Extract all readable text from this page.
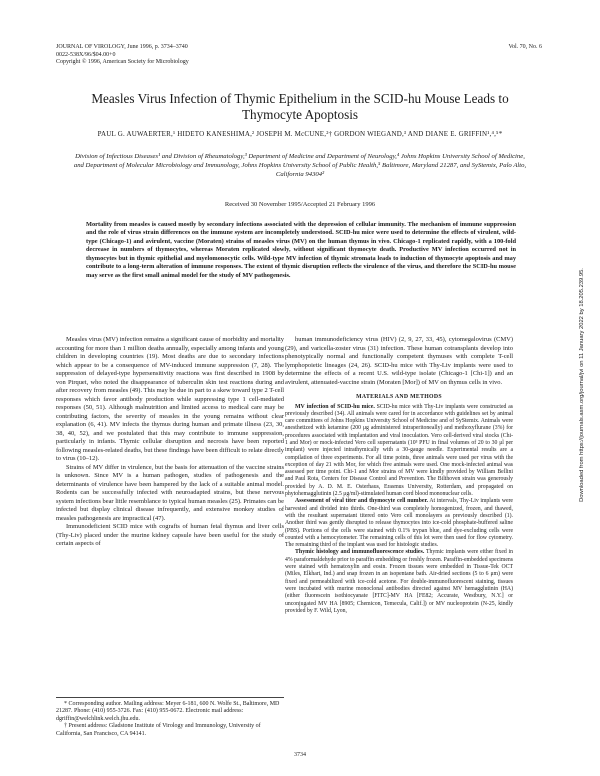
JOURNAL OF VIROLOGY, June 1996, p. 3734–3740
0022-538X/96/$04.00+0
Copyright © 1996, American Society for Microbiology
Vol. 70, No. 6
Measles Virus Infection of Thymic Epithelium in the SCID-hu Mouse Leads to Thymocyte Apoptosis
PAUL G. AUWAERTER,¹ HIDETO KANESHIMA,² JOSEPH M. McCUNE,²† GORDON WIEGAND,³ AND DIANE E. GRIFFIN¹,⁴,⁵*
Division of Infectious Diseases¹ and Division of Rheumatology,³ Department of Medicine and Department of Neurology,⁴ Johns Hopkins University School of Medicine, and Department of Molecular Microbiology and Immunology, Johns Hopkins University School of Public Health,⁵ Baltimore, Maryland 21287, and SyStemix, Palo Alto, California 94304²
Received 30 November 1995/Accepted 21 February 1996
Mortality from measles is caused mostly by secondary infections associated with the depression of cellular immunity. The mechanism of immune suppression and the role of virus strain differences on the immune system are incompletely understood. SCID-hu mice were used to determine the effects of virulent, wild-type (Chicago-1) and avirulent, vaccine (Moraten) strains of measles virus (MV) on the human thymus in vivo. Chicago-1 replicated rapidly, with a 100-fold decrease in numbers of thymocytes, whereas Moraten replicated slowly, without significant thymocyte death. Productive MV infection occurred not in thymocytes but in thymic epithelial and myelomonocytic cells. Wild-type MV infection of thymic stromata leads to induction of thymocyte apoptosis and may contribute to a long-term alteration of immune responses. The extent of thymic disruption reflects the virulence of the virus, and therefore the SCID-hu mouse may serve as the first small animal model for the study of MV pathogenesis.

Measles virus (MV) infection remains a significant cause of morbidity and mortality accounting for more than 1 million deaths annually, especially among infants and young children in developing countries (19). Most deaths are due to secondary infections which appear to be a consequence of MV-induced immune suppression (7, 28). The suppression of delayed-type hypersensitivity reactions was first described in 1908 by von Pirquet, who noted the disappearance of tuberculin skin test reactions during and after recovery from measles (49). This may be due in part to a skew toward type 2 T-cell responses which favor antibody production while suppressing type 1 cell-mediated responses (50, 51). Although malnutrition and limited access to medical care may be contributing factors, the severity of measles in the young remains without clear explanation (6, 41). MV infects the thymus during human and primate illness (23, 30, 38, 40, 52), and we postulated that this may contribute to immune suppression, particularly in infants. Thymic cellular disruption and necrosis have been reported following measles-related deaths, but these findings have been difficult to relate directly to virus (10–12).

Strains of MV differ in virulence, but the basis for attenuation of the vaccine strains is unknown. Since MV is a human pathogen, studies of pathogenesis and the determinants of virulence have been hampered by the lack of a suitable animal model. Rodents can be successfully infected with neuroadapted strains, but these nervous system infections bear little resemblance to typical human measles (25). Primates can be infected but display clinical disease infrequently, and extensive monkey studies of measles pathogenesis are impractical (47).

Immunodeficient SCID mice with cografts of human fetal thymus and liver cells (Thy-Liv) placed under the murine kidney capsule have been useful for the study of certain aspects of

* Corresponding author. Mailing address: Meyer 6-181, 600 N. Wolfe St., Baltimore, MD 21287. Phone: (410) 955-3726. Fax: (410) 955-0672. Electronic mail address: dgriffin@welchlink.welch.jhu.edu.

† Present address: Gladstone Institute of Virology and Immunology, University of California, San Francisco, CA 94141.

human immunodeficiency virus (HIV) (2, 9, 27, 33, 45), cytomegalovirus (CMV) (29), and varicella-zoster virus (31) infection. These human cotransplants develop into phenotypically normal and functionally competent thymuses with complete T-cell lymphopoietic lineages (24, 26). SCID-hu mice with Thy-Liv implants were used to determine the effects of a recent U.S. wild-type isolate (Chicago-1 [Chi-1]) and an avirulent, attenuated-vaccine strain (Moraten [Mor]) of MV on thymus cells in vivo.

MATERIALS AND METHODS

MV infection of SCID-hu mice. SCID-hu mice with Thy-Liv implants were constructed as previously described (34). All animals were cared for in accordance with guidelines set by animal care committees of Johns Hopkins University School of Medicine and of SyStemix. Animals were anesthetized with ketamine (200 μg administered intraperitoneally) and methoxyflurane (3%) for procedures associated with implantation and viral inoculation. Vero cell-derived viral stocks (Chi-1 and Mor) or mock-infected Vero cell supernatants (10³ PFU in final volumes of 20 to 30 μl per implant) were injected intrathymically with a 30-gauge needle. Experimental results are a compilation of three experiments. For all time points, three animals were used per virus with the exception of day 21 with Mor, for which five animals were used. One mock-infected animal was assessed per time point. Chi-1 and Mor strains of MV were kindly provided by William Bellini and Paul Rota, Centers for Disease Control and Prevention. The Bilthoven strain was generously provided by A. D. M. E. Osterhaus, Erasmus University, Rotterdam, and propagated on phytohemagglutinin (2.5 μg/ml)-stimulated human cord blood mononuclear cells.

Assessment of viral titer and thymocyte cell number. At intervals, Thy-Liv implants were harvested and divided into thirds. One-third was completely homogenized, frozen, and thawed, with the resultant supernatant titered onto Vero cell monolayers as previously described (1). Another third was gently disrupted to release thymocytes into ice-cold phosphate-buffered saline (PBS). Portions of the cells were stained with 0.1% trypan blue, and dye-excluding cells were counted with a hemocytometer. The remaining cells of this lot were then used for flow cytometry. The remaining third of the implant was used for histologic studies.

Thymic histology and immunofluorescence studies. Thymic implants were either fixed in 4% paraformaldehyde prior to paraffin embedding or freshly frozen. Paraffin-embedded specimens were stained with hematoxylin and eosin. Frozen tissues were embedded in Tissue-Tek OCT (Miles, Elkhart, Ind.) and snap frozen in an isopentane bath. Air-dried sections (5 to 6 μm) were fixed and permeabilized with ice-cold acetone. For double-immunofluorescent staining, tissues were incubated with murine monoclonal antibodies directed against MV hemagglutinin (HA) (either fluorescein isothiocyanate [FITC]-MV HA [FE82; Accurate, Westbury, N.Y.] or unconjugated MV HA [8905; Chemicon, Temecula, Calif.]) or MV nucleoprotein (N-25, kindly provided by F. Wild, Lyon,

3734
Downloaded from https://journals.asm.org/journal/jvi on 11 January 2022 by 18.205.239.95.
